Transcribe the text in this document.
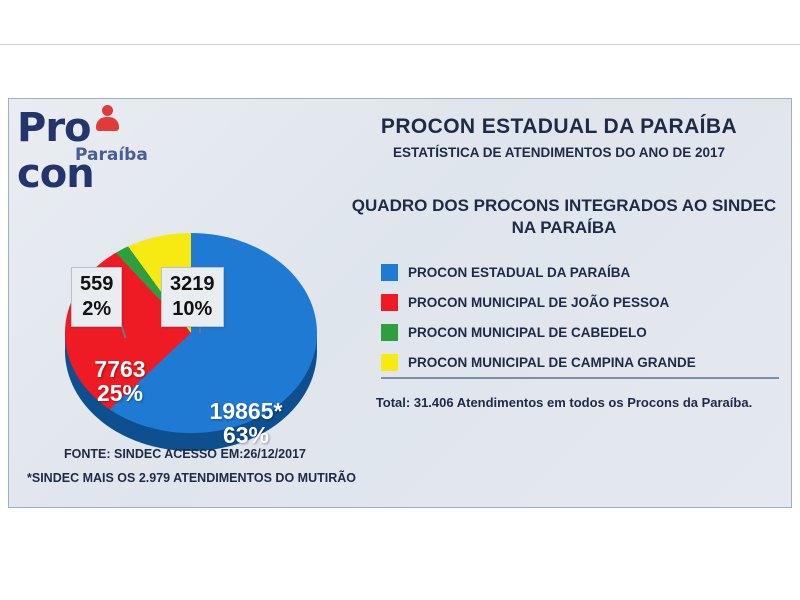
Procon
Paraíba
PROCON ESTADUAL DA PARAÍBA
ESTATÍSTICA DE ATENDIMENTOS DO ANO DE 2017
QUADRO DOS PROCONS INTEGRADOS AO SINDEC NA PARAÍBA
PROCON ESTADUAL DA PARAÍBA
PROCON MUNICIPAL DE JOÃO PESSOA
PROCON MUNICIPAL DE CABEDELO
PROCON MUNICIPAL DE CAMPINA GRANDE
Total: 31.406 Atendimentos em todos os Procons da Paraíba.
19865*
63%
7763
25%
559
2%
3219
10%
FONTE: SINDEC ACESSO EM:26/12/2017
*SINDEC MAIS OS 2.979 ATENDIMENTOS DO MUTIRÃO
